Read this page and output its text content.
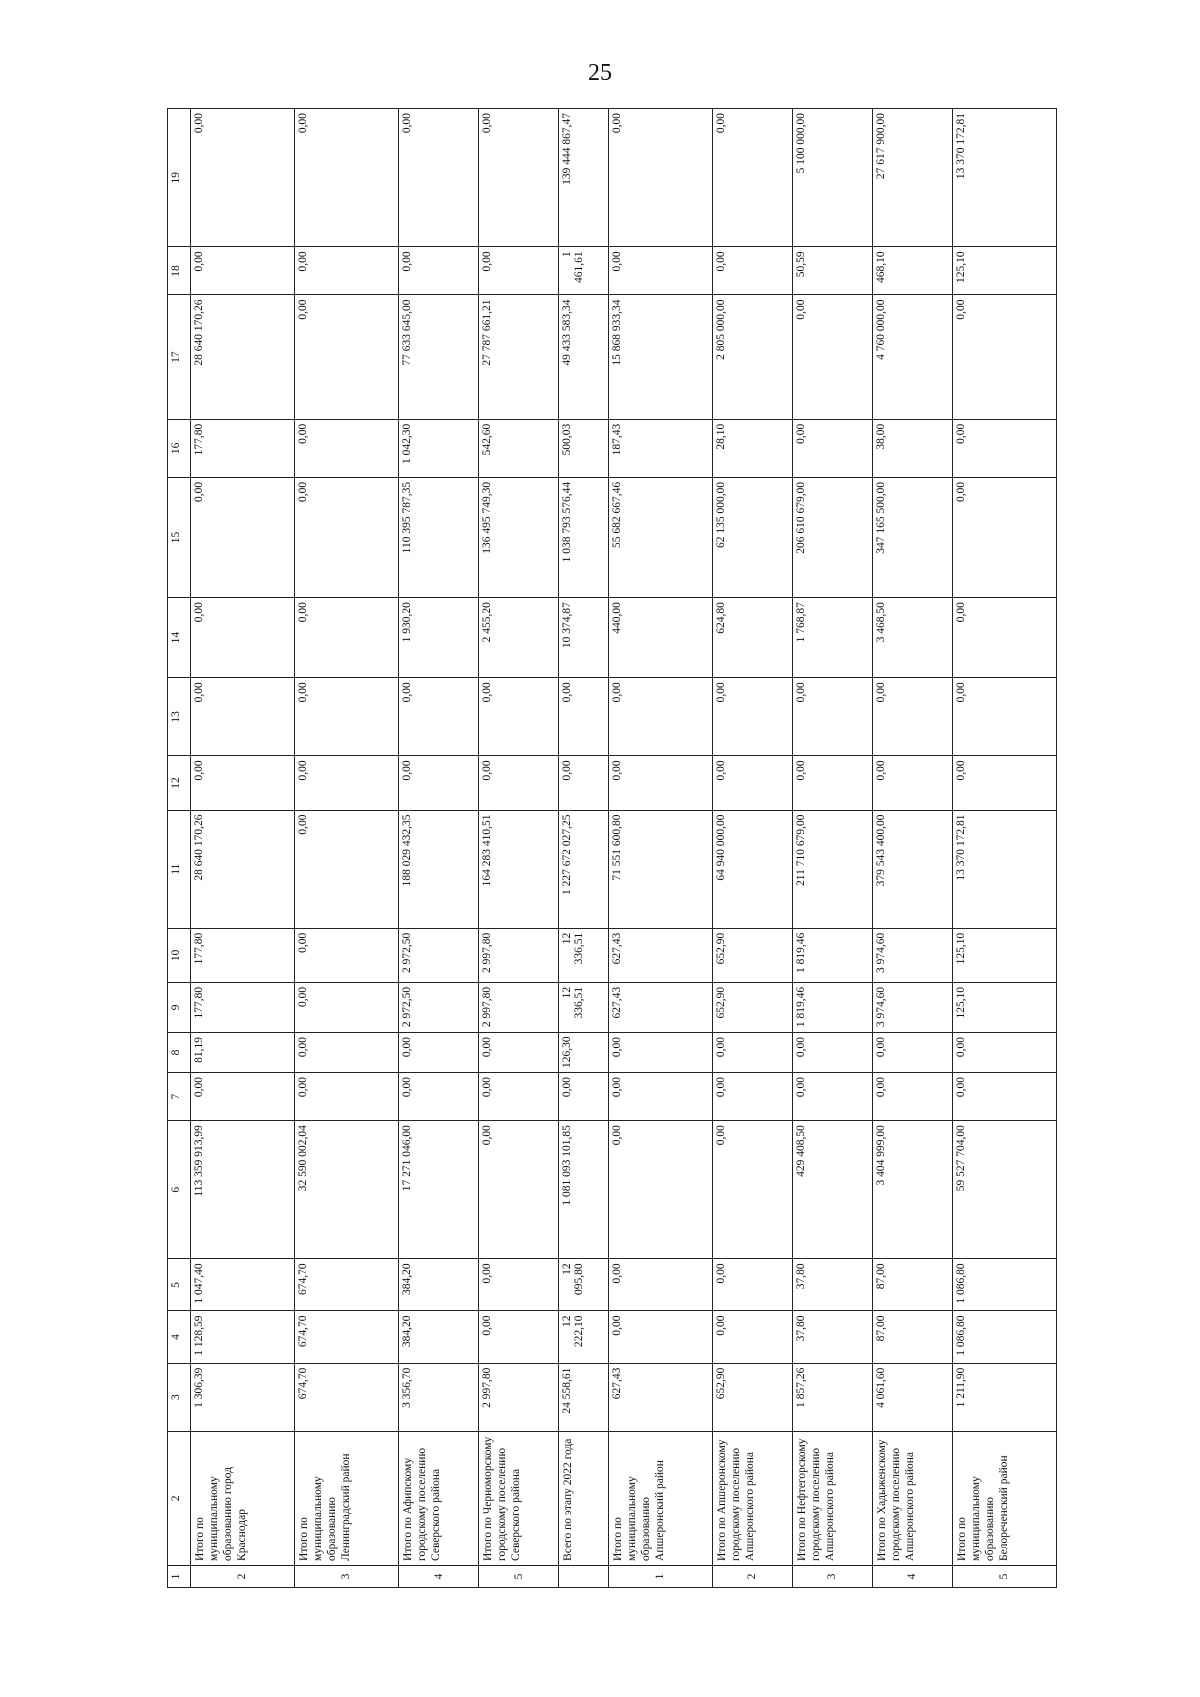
25
1	2	3	4	5	6	7	8	9	10	11	12	13	14	15	16	17	18	19
2	Итого по муниципальному образованию город Краснодар	1 306,39	1 128,59	1 047,40	113 359 913,99	0,00	81,19	177,80	177,80	28 640 170,26	0,00	0,00	0,00	0,00	177,80	28 640 170,26	0,00	0,00
3	Итого по муниципальному образованию Ленинградский район	674,70	674,70	674,70	32 590 002,04	0,00	0,00	0,00	0,00	0,00	0,00	0,00	0,00	0,00	0,00	0,00	0,00	0,00
4	Итого по Афипскому городскому поселению Северского района	3 356,70	384,20	384,20	17 271 046,00	0,00	0,00	2 972,50	2 972,50	188 029 432,35	0,00	0,00	1 930,20	110 395 787,35	1 042,30	77 633 645,00	0,00	0,00
5	Итого по Черноморскому городскому поселению Северского района	2 997,80	0,00	0,00	0,00	0,00	0,00	2 997,80	2 997,80	164 283 410,51	0,00	0,00	2 455,20	136 495 749,30	542,60	27 787 661,21	0,00	0,00
	Всего по этапу 2022 года	24 558,61	12 222,10	12 095,80	1 081 093 101,85	0,00	126,30	12 336,51	12 336,51	1 227 672 027,25	0,00	0,00	10 374,87	1 038 793 576,44	500,03	49 433 583,34	1 461,61	139 444 867,47
1	Итого по муниципальному образованию Апшеронский район	627,43	0,00	0,00	0,00	0,00	0,00	627,43	627,43	71 551 600,80	0,00	0,00	440,00	55 682 667,46	187,43	15 868 933,34	0,00	0,00
2	Итого по Апшеронскому городскому поселению Апшеронского района	652,90	0,00	0,00	0,00	0,00	0,00	652,90	652,90	64 940 000,00	0,00	0,00	624,80	62 135 000,00	28,10	2 805 000,00	0,00	0,00
3	Итого по Нефтегорскому городскому поселению Апшеронского района	1 857,26	37,80	37,80	429 408,50	0,00	0,00	1 819,46	1 819,46	211 710 679,00	0,00	0,00	1 768,87	206 610 679,00	0,00	0,00	50,59	5 100 000,00
4	Итого по Хадыженскому городскому поселению Апшеронского района	4 061,60	87,00	87,00	3 404 999,00	0,00	0,00	3 974,60	3 974,60	379 543 400,00	0,00	0,00	3 468,50	347 165 500,00	38,00	4 760 000,00	468,10	27 617 900,00
5	Итого по муниципальному образованию Белореченский район	1 211,90	1 086,80	1 086,80	59 527 704,00	0,00	0,00	125,10	125,10	13 370 172,81	0,00	0,00	0,00	0,00	0,00	0,00	125,10	13 370 172,81
